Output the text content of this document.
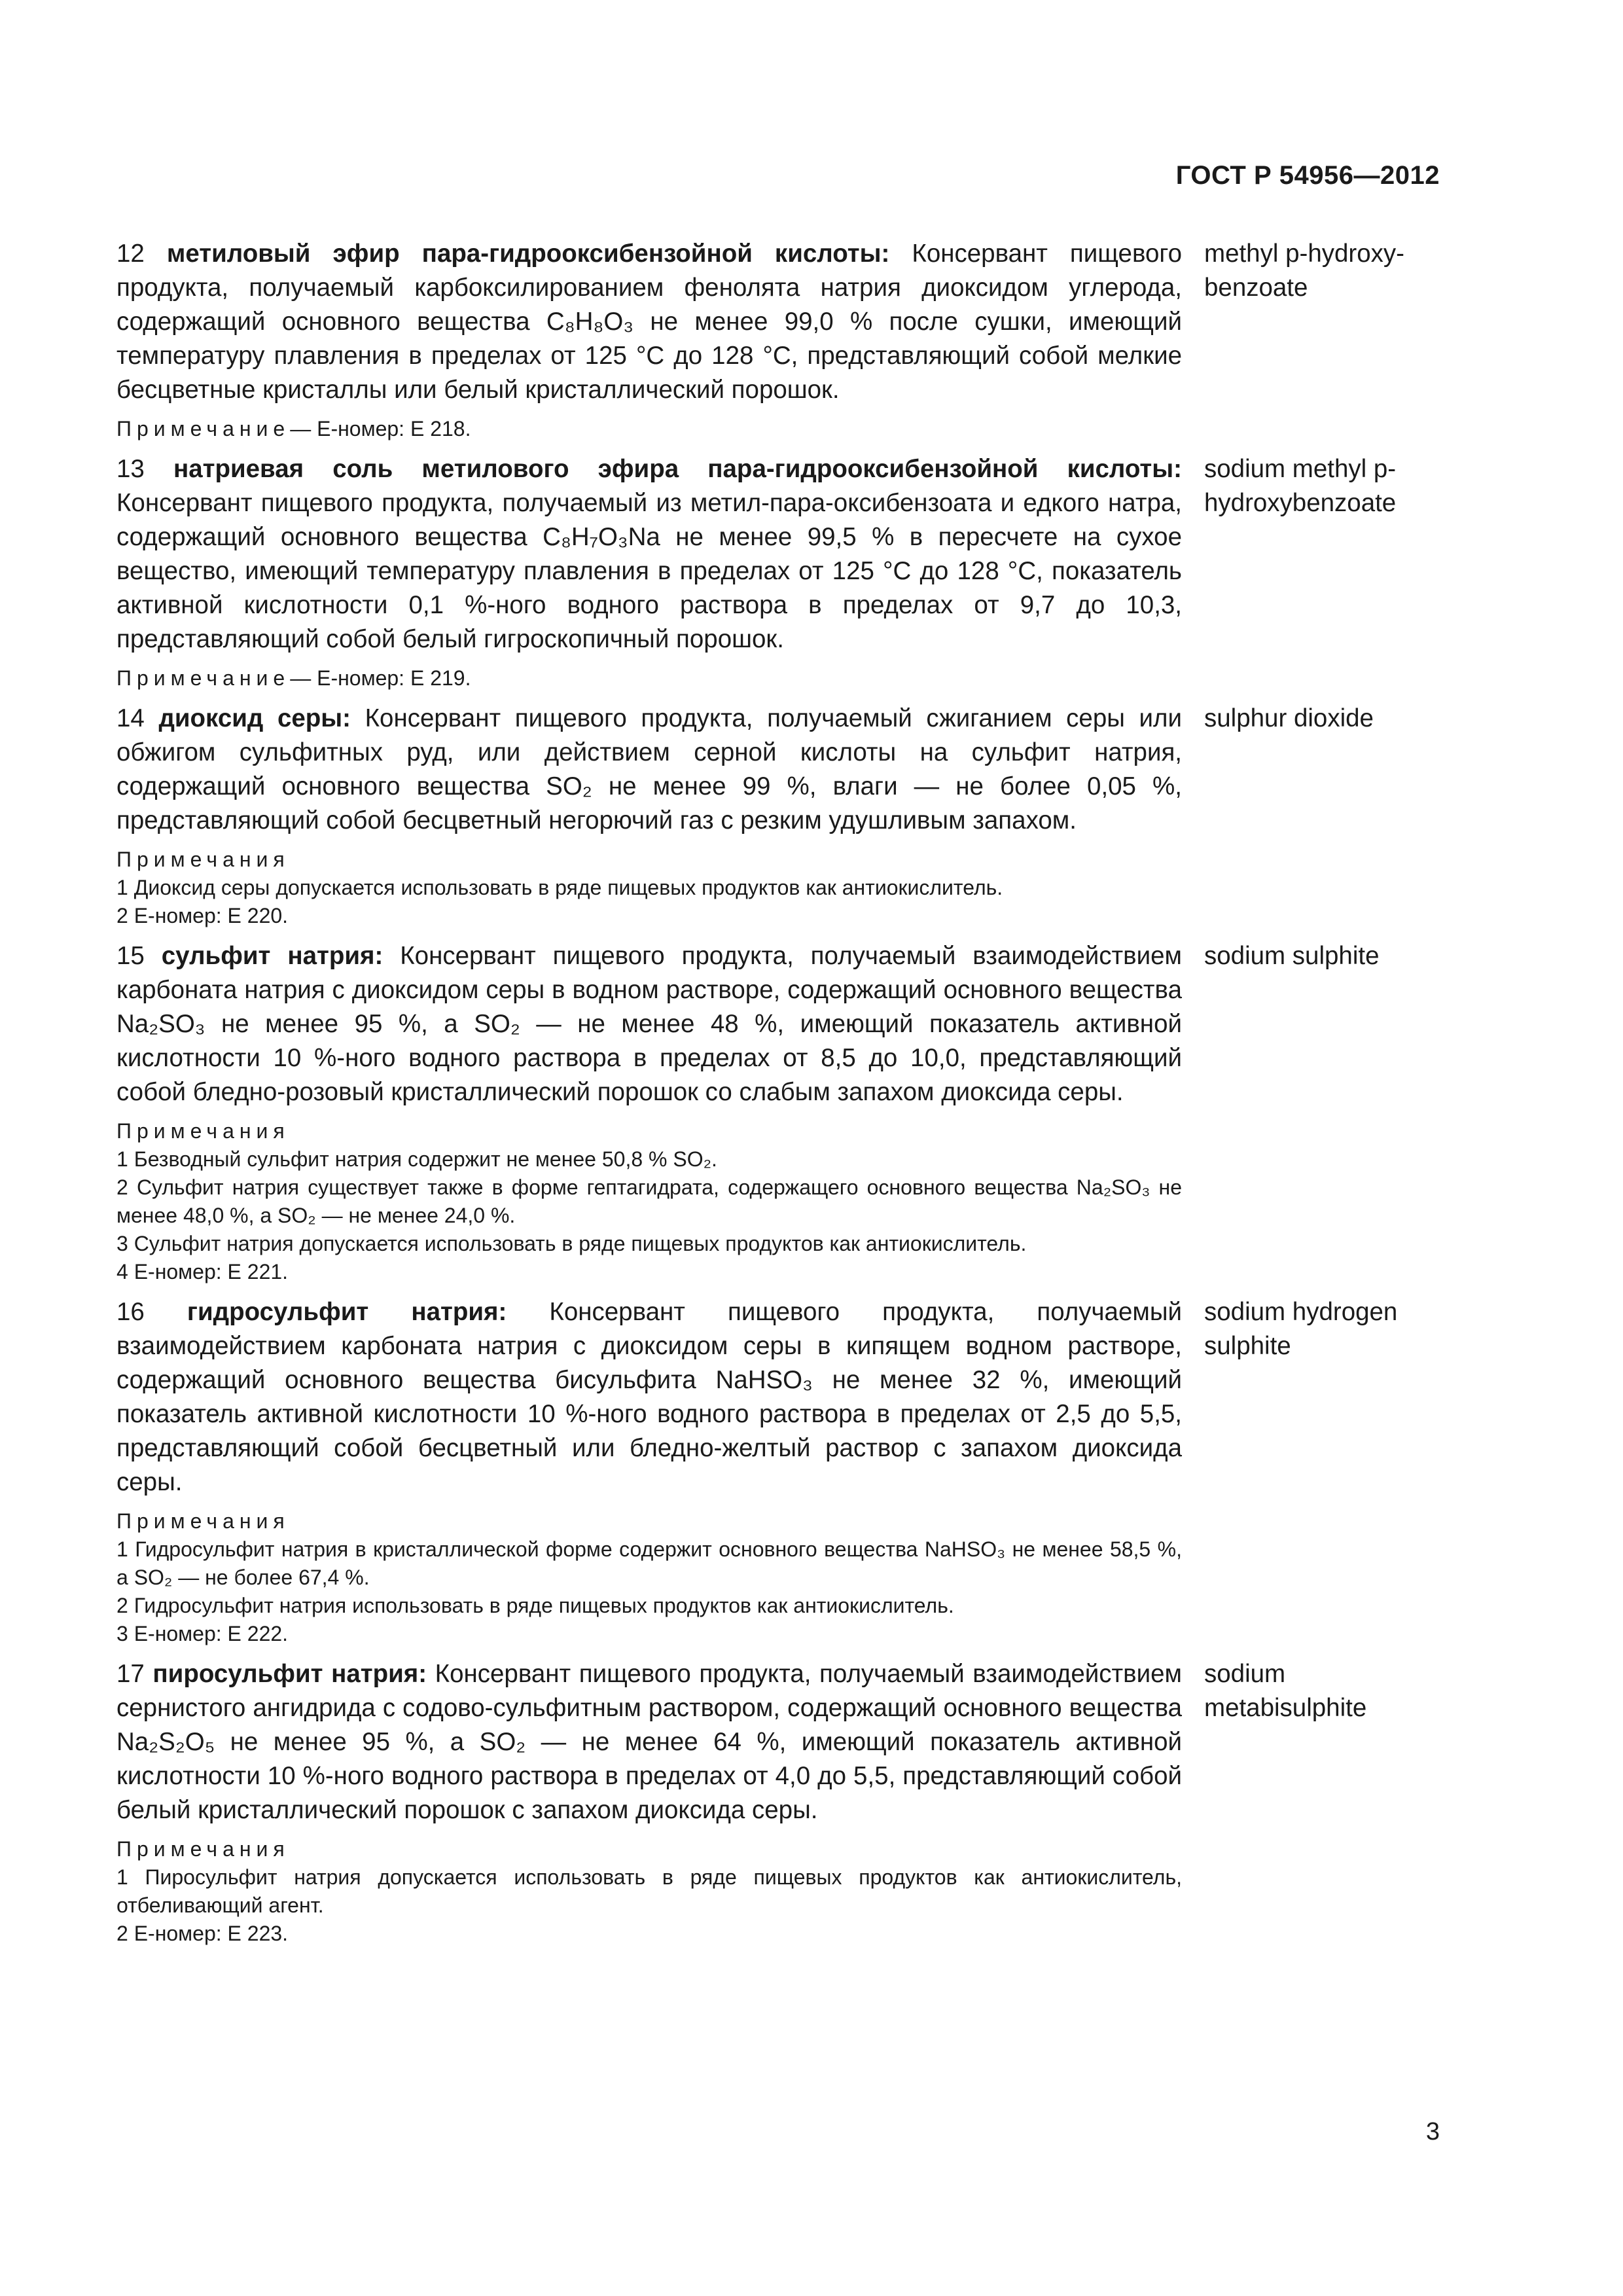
ГОСТ Р 54956—2012

12 метиловый эфир пара-гидрооксибензойной кислоты: Консервант пищевого продукта, получаемый карбоксилированием фенолята натрия диоксидом углерода, содержащий основного вещества C₈H₈O₃ не менее 99,0 % после сушки, имеющий температуру плавления в пределах от 125 °С до 128 °С, представляющий собой мелкие бесцветные кристаллы или белый кристаллический порошок.

Примечание— Е-номер: Е 218.
methyl p-hydroxy-benzoate

13 натриевая соль метилового эфира пара-гидрооксибензойной кислоты: Консервант пищевого продукта, получаемый из метил-пара-оксибензоата и едкого натра, содержащий основного вещества C₈H₇O₃Na не менее 99,5 % в пересчете на сухое вещество, имеющий температуру плавления в пределах от 125 °С до 128 °С, показатель активной кислотности 0,1 %-ного водного раствора в пределах от 9,7 до 10,3, представляющий собой белый гигроскопичный порошок.

Примечание— Е-номер: Е 219.
sodium methyl p-hydroxybenzoate

14 диоксид серы: Консервант пищевого продукта, получаемый сжиганием серы или обжигом сульфитных руд, или действием серной кислоты на сульфит натрия, содержащий основного вещества SO₂ не менее 99 %, влаги — не более 0,05 %, представляющий собой бесцветный негорючий газ с резким удушливым запахом.

Примечания
1 Диоксид серы допускается использовать в ряде пищевых продуктов как антиокислитель.
2 Е-номер: Е 220.
sulphur dioxide

15 сульфит натрия: Консервант пищевого продукта, получаемый взаимодействием карбоната натрия с диоксидом серы в водном растворе, содержащий основного вещества Na₂SO₃ не менее 95 %, а SO₂ — не менее 48 %, имеющий показатель активной кислотности 10 %-ного водного раствора в пределах от 8,5 до 10,0, представляющий собой бледно-розовый кристаллический порошок со слабым запахом диоксида серы.

Примечания
1 Безводный сульфит натрия содержит не менее 50,8 % SO₂.
2 Сульфит натрия существует также в форме гептагидрата, содержащего основного вещества Na₂SO₃ не менее 48,0 %, а SO₂ — не менее 24,0 %.
3 Сульфит натрия допускается использовать в ряде пищевых продуктов как антиокислитель.
4 Е-номер: Е 221.
sodium sulphite

16 гидросульфит натрия: Консервант пищевого продукта, получаемый взаимодействием карбоната натрия с диоксидом серы в кипящем водном растворе, содержащий основного вещества бисульфита NaHSO₃ не менее 32 %, имеющий показатель активной кислотности 10 %-ного водного раствора в пределах от 2,5 до 5,5, представляющий собой бесцветный или бледно-желтый раствор с запахом диоксида серы.

Примечания
1 Гидросульфит натрия в кристаллической форме содержит основного вещества NaHSO₃ не менее 58,5 %, а SO₂ — не более 67,4 %.
2 Гидросульфит натрия использовать в ряде пищевых продуктов как антиокислитель.
3 Е-номер: Е 222.
sodium hydrogen sulphite

17 пиросульфит натрия: Консервант пищевого продукта, получаемый взаимодействием сернистого ангидрида с содово-сульфитным раствором, содержащий основного вещества Na₂S₂O₅ не менее 95 %, а SO₂ — не менее 64 %, имеющий показатель активной кислотности 10 %-ного водного раствора в пределах от 4,0 до 5,5, представляющий собой белый кристаллический порошок с запахом диоксида серы.

Примечания
1 Пиросульфит натрия допускается использовать в ряде пищевых продуктов как антиокислитель, отбеливающий агент.
2 Е-номер: Е 223.
sodium metabisulphite
3
